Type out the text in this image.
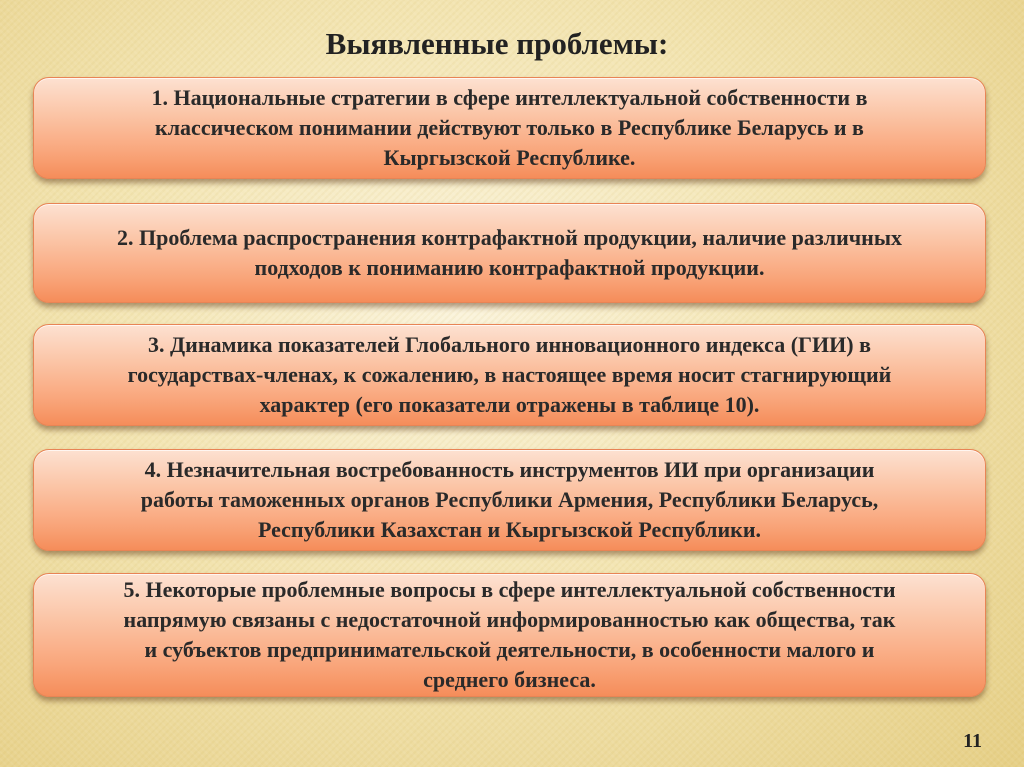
Выявленные проблемы:
1. Национальные стратегии в сфере интеллектуальной собственности в
классическом понимании действуют только в Республике Беларусь и в
Кыргызской Республике.
2. Проблема распространения контрафактной продукции, наличие различных
подходов к пониманию контрафактной продукции.
3. Динамика показателей Глобального инновационного индекса (ГИИ) в
государствах-членах, к сожалению, в настоящее время носит стагнирующий
характер (его показатели отражены в таблице 10).
4. Незначительная востребованность инструментов ИИ при организации
работы таможенных органов Республики Армения, Республики Беларусь,
Республики Казахстан и Кыргызской Республики.
5. Некоторые проблемные вопросы в сфере интеллектуальной собственности
напрямую связаны с недостаточной информированностью как общества, так
и субъектов предпринимательской деятельности, в особенности малого и
среднего бизнеса.
11
